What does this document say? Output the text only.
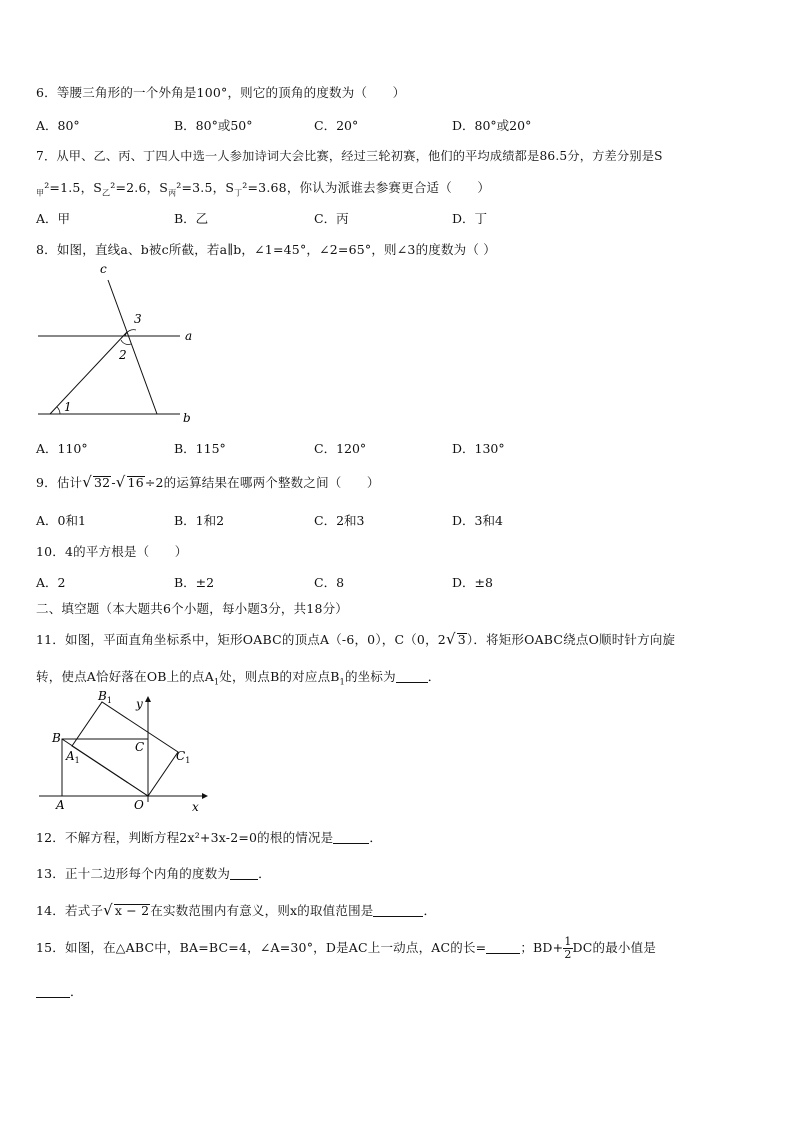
6．等腰三角形的一个外角是100°，则它的顶角的度数为（　　）
A．80°	B．80°或50°	C．20°	D．80°或20°
7．从甲、乙、丙、丁四人中选一人参加诗词大会比赛，经过三轮初赛，他们的平均成绩都是86.5分，方差分别是S
$_甲$²=1.5，$S_乙^2=2.6$，$S_丙^2=3.5$，$S_丁^2=3.68$，你认为派谁去参赛更合适（　　）
A．甲	B．乙	C．丙	D．丁
8．如图，直线a、b被c所截，若a∥b，∠1=45°，∠2=65°，则∠3的度数为（ ）
c
3
a
2
1
b
A．110°	B．115°	C．120°	D．130°
9．估计√ 32-√ 16÷2的运算结果在哪两个整数之间（　　）
A．0和1	B．1和2	C．2和3	D．3和4
10．4的平方根是（　　）
A．2	B．±2	C．8	D．±8
二、填空题（本大题共6个小题，每小题3分，共18分）
11．如图，平面直角坐标系中，矩形OABC的顶点A（-6，0），C（0，2√ 3）．将矩形OABC绕点O顺时针方向旋
转，使点A恰好落在OB上的点$A_1$处，则点B的对应点$B_1$的坐标为	．
$B_1$ y
B
C
$A_1$	$C_1$
A	O	x
12．不解方程，判断方程2x²+3x-2=0的根的情况是	．
13．正十二边形每个内角的度数为 ．
14．若式子√ x − 2在实数范围内有意义，则x的取值范围是	．
15．如图，在△ABC中，BA=BC=4，∠A=30°，D是AC上一动点，AC的长=	；$BD+ \frac{1}{2}$ DC的最小值是
．
